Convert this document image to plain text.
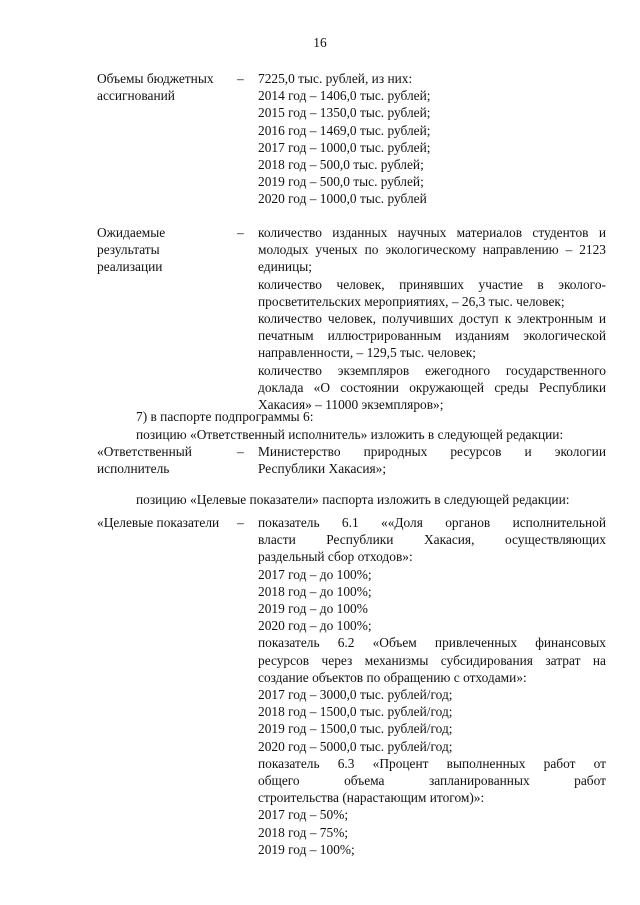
16
Объемы бюджетных
ассигнований
– 7225,0 тыс. рублей, из них:
2014 год – 1406,0 тыс. рублей;
2015 год – 1350,0 тыс. рублей;
2016 год – 1469,0 тыс. рублей;
2017 год – 1000,0 тыс. рублей;
2018 год – 500,0 тыс. рублей;
2019 год – 500,0 тыс. рублей;
2020 год – 1000,0 тыс. рублей
Ожидаемые
результаты
реализации
– количество изданных научных материалов студентов и
молодых ученых по экологическому направлению – 2123
единицы;
количество человек, принявших участие в эколого-
просветительских мероприятиях, – 26,3 тыс. человек;
количество человек, получивших доступ к электронным и
печатным иллюстрированным изданиям экологической
направленности, – 129,5 тыс. человек;
количество экземпляров ежегодного государственного
доклада «О состоянии окружающей среды Республики
Хакасия» – 11000 экземпляров»;
7) в паспорте подпрограммы 6:
позицию «Ответственный исполнитель» изложить в следующей редакции:
«Ответственный
исполнитель
– Министерство природных ресурсов и экологии
Республики Хакасия»;
позицию «Целевые показатели» паспорта изложить в следующей редакции:
«Целевые показатели	– показатель 6.1 ««Доля органов исполнительной
власти Республики Хакасия, осуществляющих
раздельный сбор отходов»:
2017 год – до 100%;
2018 год – до 100%;
2019 год – до 100%
2020 год – до 100%;
показатель 6.2 «Объем привлеченных финансовых
ресурсов через механизмы субсидирования затрат на
создание объектов по обращению с отходами»:
2017 год – 3000,0 тыс. рублей/год;
2018 год – 1500,0 тыс. рублей/год;
2019 год – 1500,0 тыс. рублей/год;
2020 год – 5000,0 тыс. рублей/год;
показатель 6.3 «Процент выполненных работ от
общего объема запланированных работ
строительства (нарастающим итогом)»:
2017 год – 50%;
2018 год – 75%;
2019 год – 100%;
